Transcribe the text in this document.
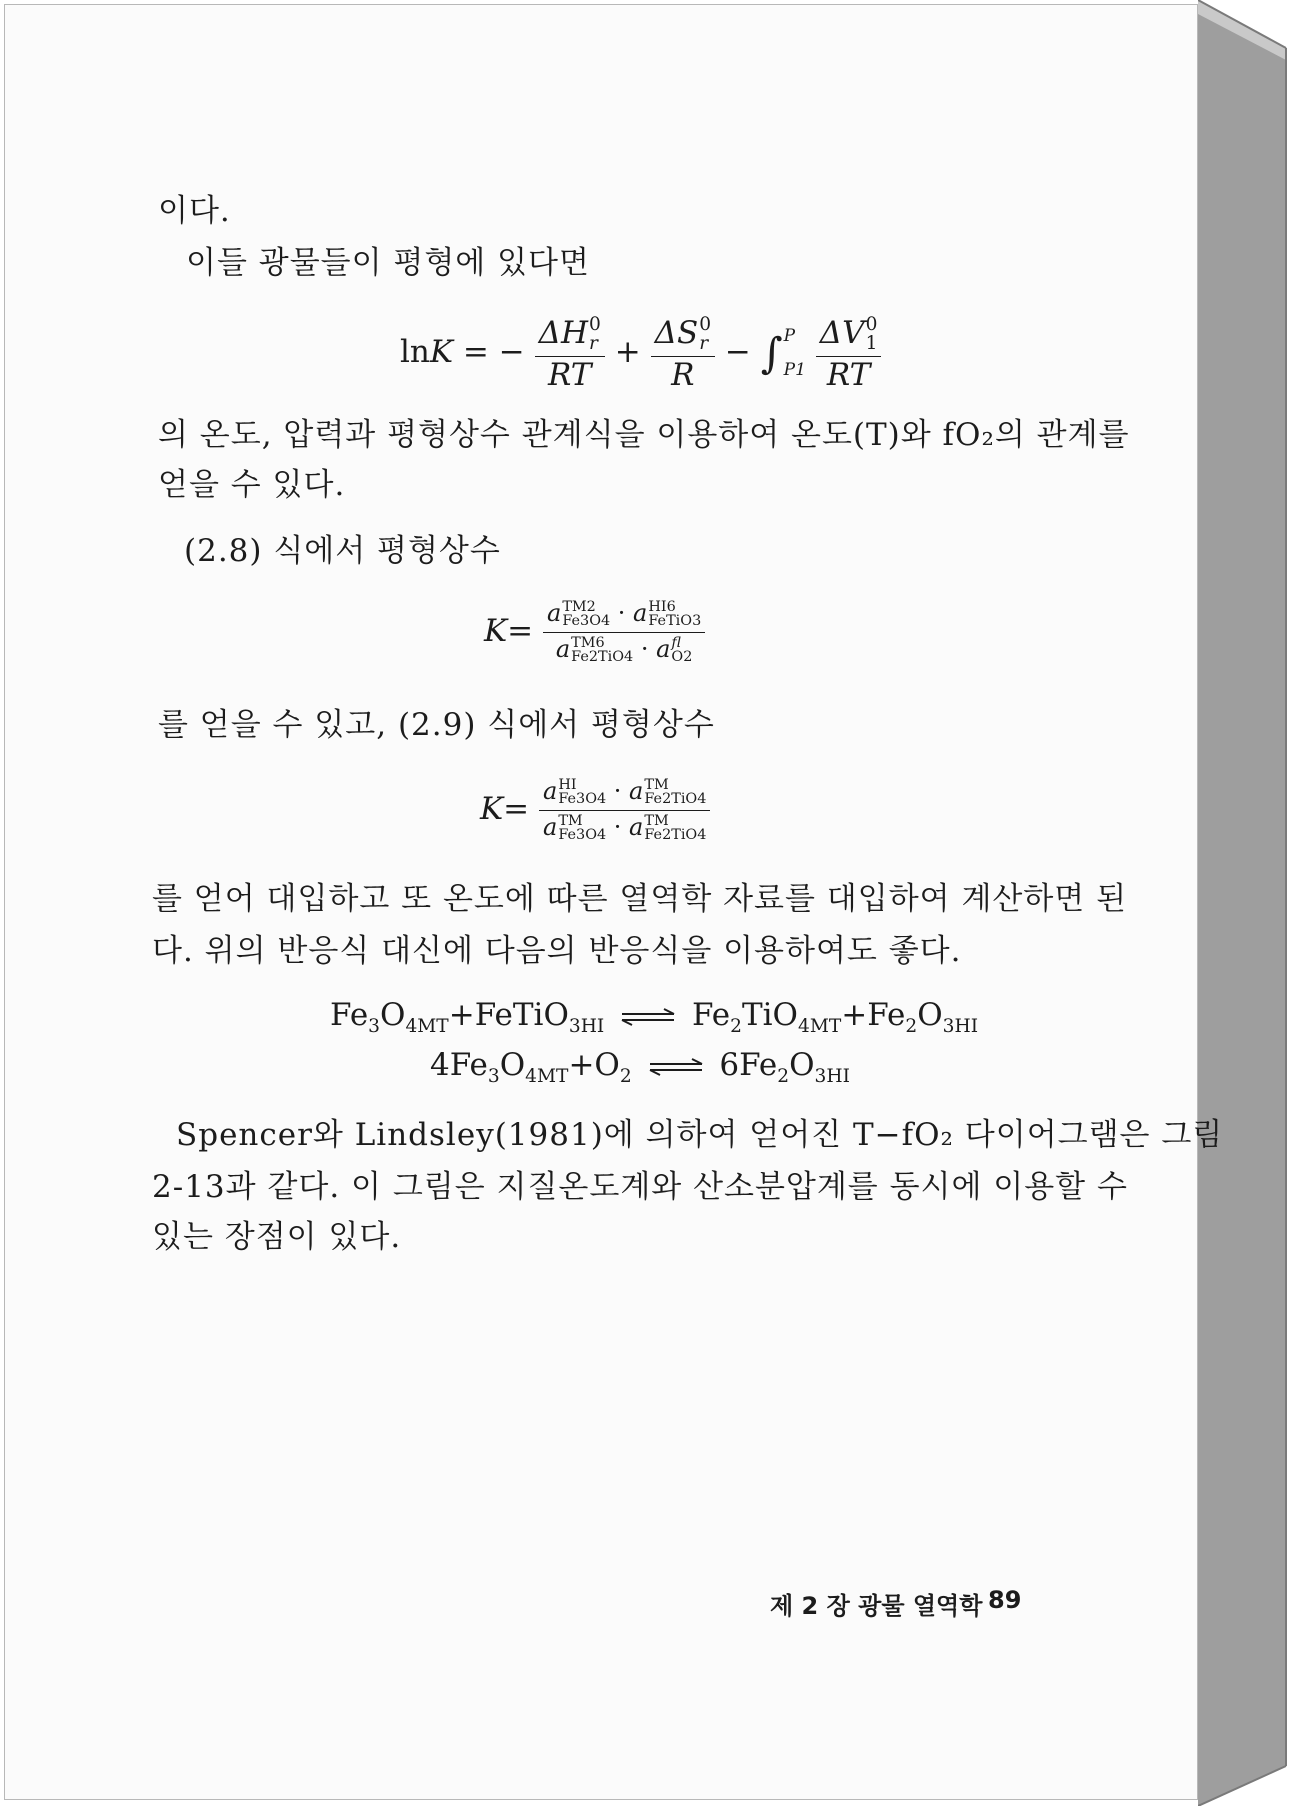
이다.
이들 광물들이 평형에 있다면
lnK = − ΔH 0
r
RT + ΔS 0
r
R − ∫ P

P1
ΔV 0
1
RT
의 온도, 압력과 평형상수 관계식을 이용하여 온도(T)와 fO₂의 관계를
얻을 수 있다.
(2.8) 식에서 평형상수
K= a TM2
Fe3O4 · a HI6
FeTiO3
a TM6
Fe2TiO4 · a fl
O2
를 얻을 수 있고, (2.9) 식에서 평형상수
K= a HI
Fe3O4 · a TM
Fe2TiO4
a TM
Fe3O4 · a TM
Fe2TiO4
를 얻어 대입하고 또 온도에 따른 열역학 자료를 대입하여 계산하면 된
다. 위의 반응식 대신에 다음의 반응식을 이용하여도 좋다.
$Fe_3O_{4MT}+FeTiO_{3HI}$	$Fe_2TiO_{4MT}+Fe_2O_{3HI}$
$4Fe_3O_{4MT}+O_2$	$6Fe_2O_{3HI}$
Spencer와 Lindsley(1981)에 의하여 얻어진 T−fO₂ 다이어그램은 그림
2-13과 같다. 이 그림은 지질온도계와 산소분압계를 동시에 이용할 수
있는 장점이 있다.
제 2 장 광물 열역학 89
